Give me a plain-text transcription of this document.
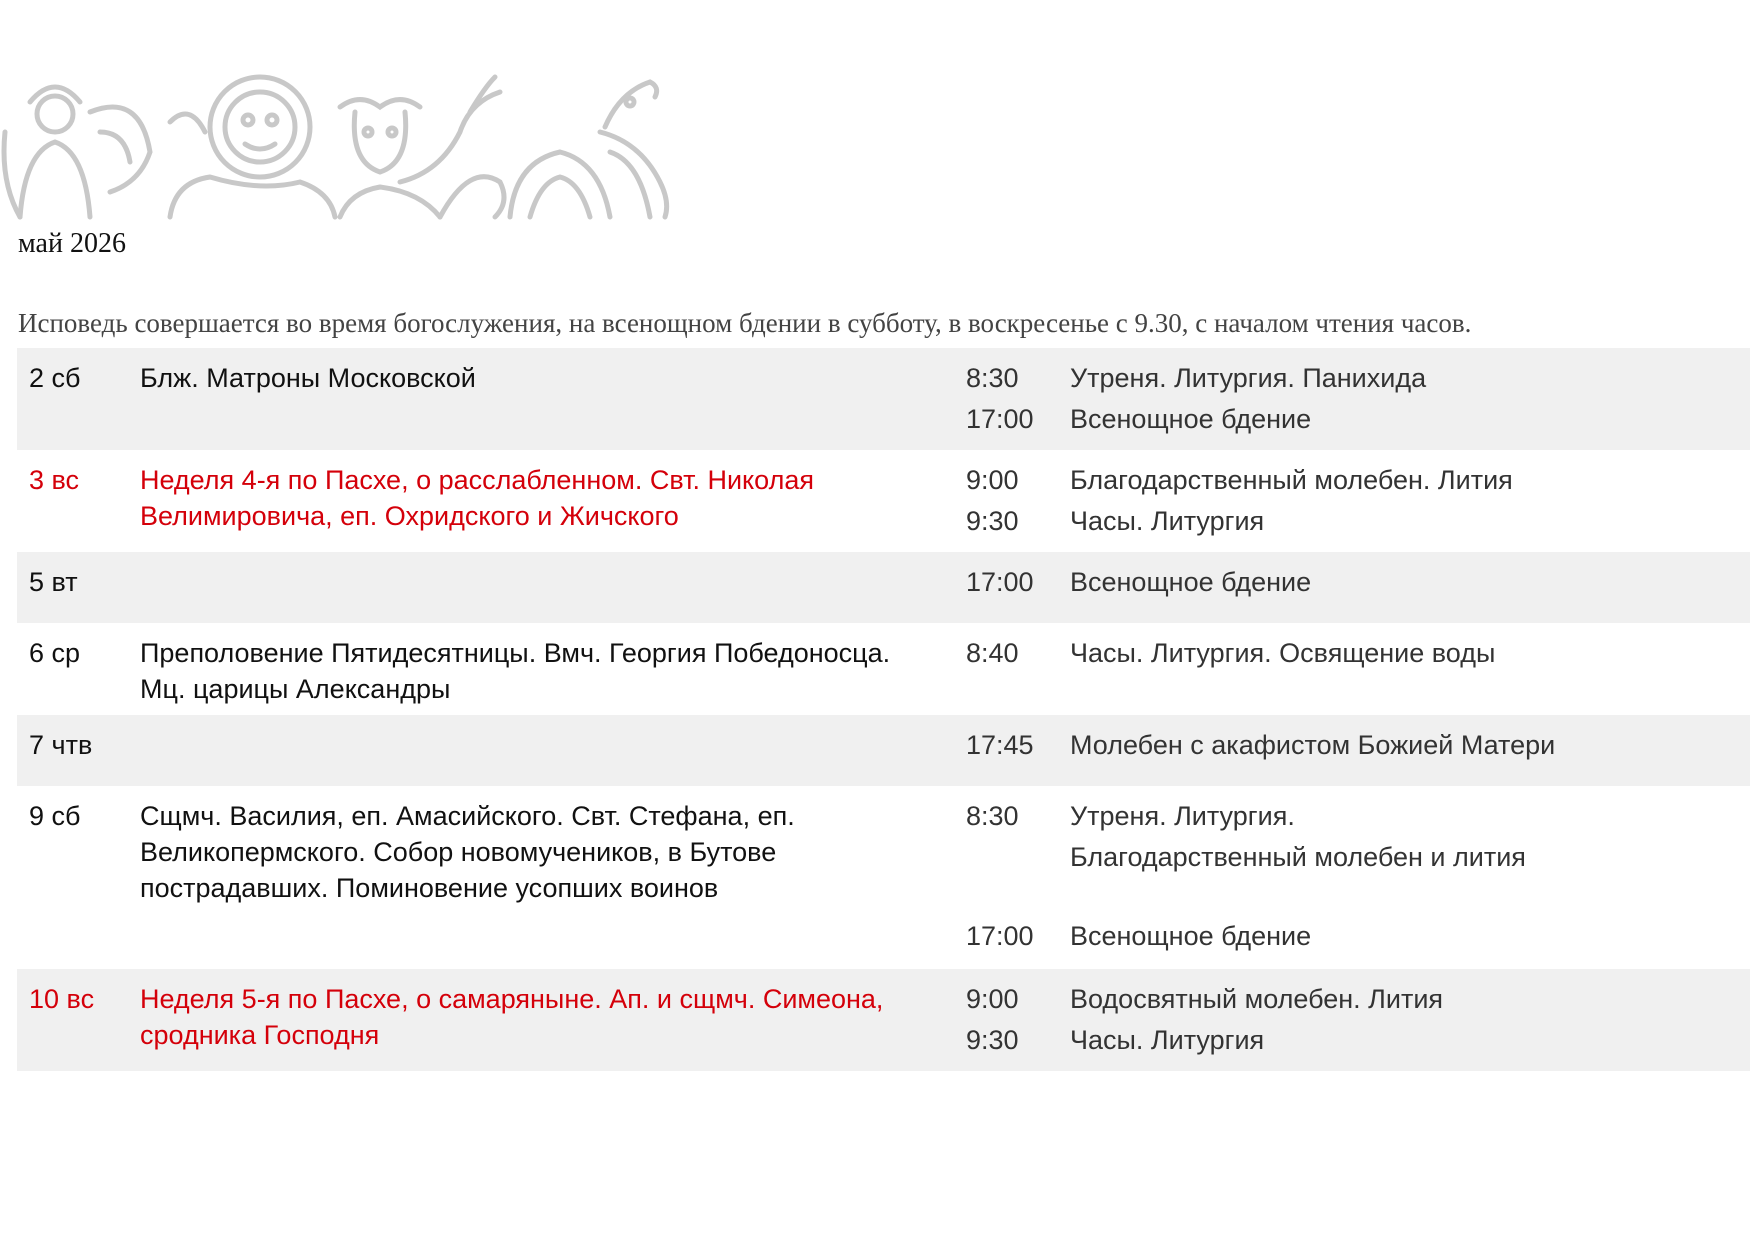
май 2026
Исповедь совершается во время богослужения, на всенощном бдении в субботу, в воскресенье с 9.30, с началом чтения часов.
2 сб Блж. Матроны Московской	8:30	Утреня. Литургия. Панихида
17:00	Всенощное бдение
3 вс Неделя 4-я по Пасхе, о расслабленном. Свт. Николая Велимировича, еп. Охридского и Жичского
9:00	Благодарственный молебен. Лития
9:30	Часы. Литургия
5 вт	17:00	Всенощное бдение
6 ср Преполовение Пятидесятницы. Вмч. Георгия Победоносца. Мц. царицы Александры
8:40	Часы. Литургия. Освящение воды
7 чтв	17:45	Молебен с акафистом Божией Матери
9 сб Сщмч. Василия, еп. Амасийского. Свт. Стефана, еп. Великопермского. Собор новомучеников, в Бутове пострадавших. Поминовение усопших воинов
8:30	Утреня. Литургия.
Благодарственный молебен и лития
17:00	Всенощное бдение
10 вс Неделя 5-я по Пасхе, о самаряныне. Ап. и сщмч. Симеона, сродника Господня
9:00	Водосвятный молебен. Лития
9:30	Часы. Литургия
